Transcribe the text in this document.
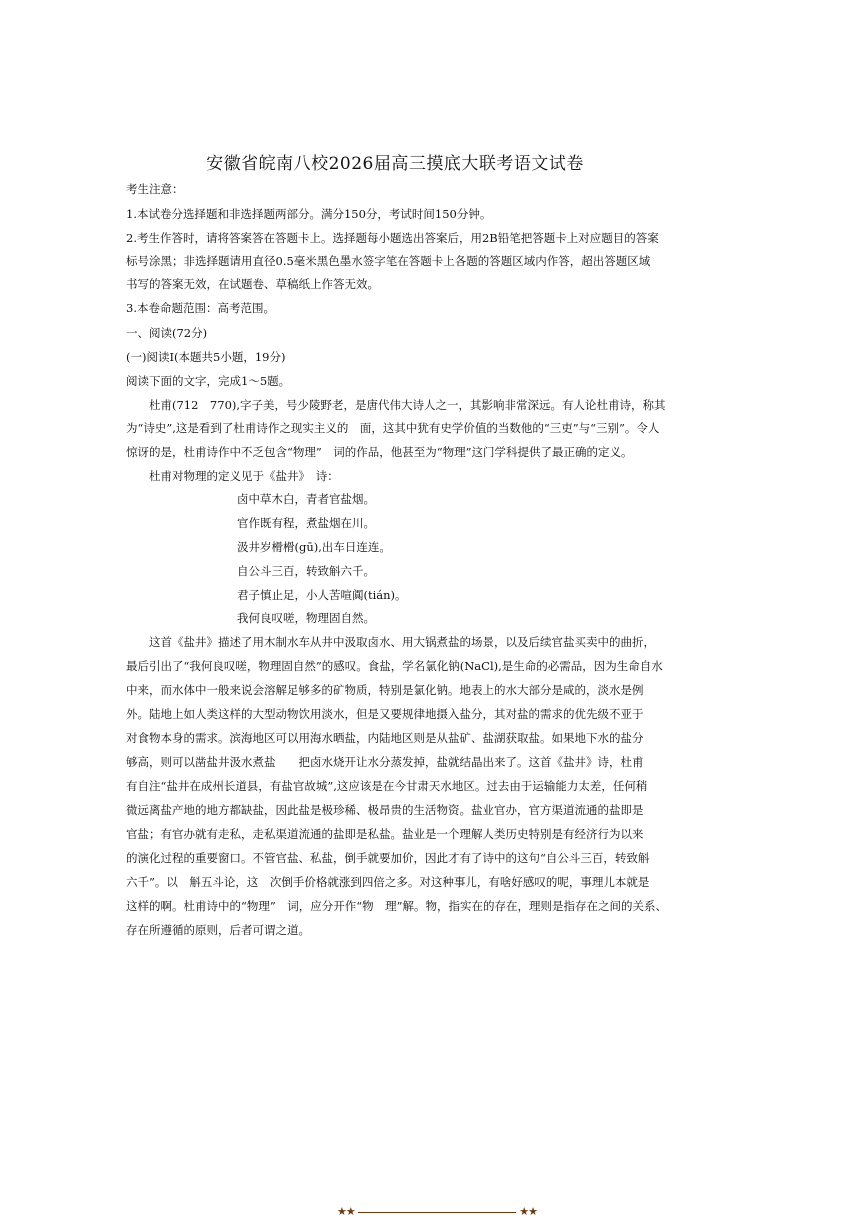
安徽省皖南八校2026届高三摸底大联考语文试卷
考生注意：
1.本试卷分选择题和非选择题两部分。满分150分，考试时间150分钟。
2.考生作答时，请将答案答在答题卡上。选择题每小题选出答案后，用2B铅笔把答题卡上对应题目的答案
标号涂黑；非选择题请用直径0.5毫米黑色墨水签字笔在答题卡上各题的答题区域内作答，超出答题区域
书写的答案无效，在试题卷、草稿纸上作答无效。
3.本卷命题范围：高考范围。
一、阅读(72分)
(一)阅读Ⅰ(本题共5小题，19分)
阅读下面的文字，完成1～5题。
杜甫(712　770),字子美，号少陵野老，是唐代伟大诗人之一，其影响非常深远。有人论杜甫诗，称其
为“诗史”,这是看到了杜甫诗作之现实主义的　面，这其中犹有史学价值的当数他的“三吏”与“三别”。令人
惊讶的是，杜甫诗作中不乏包含“物理”　词的作品，他甚至为“物理”这门学科提供了最正确的定义。
杜甫对物理的定义见于《盐井》　诗：
卤中草木白，青者官盐烟。
官作既有程，煮盐烟在川。
汲井岁榾榾(gū),出车日连连。
自公斗三百，转致斛六千。
君子慎止足，小人苦喧阗(tián)。
我何良叹嗟，物理固自然。
这首《盐井》描述了用木制水车从井中汲取卤水、用大锅煮盐的场景，以及后续官盐买卖中的曲折，
最后引出了“我何良叹嗟，物理固自然”的感叹。食盐，学名氯化钠(NaCl),是生命的必需品，因为生命自水
中来，而水体中一般来说会溶解足够多的矿物质，特别是氯化钠。地表上的水大部分是咸的，淡水是例
外。陆地上如人类这样的大型动物饮用淡水，但是又要规律地摄入盐分，其对盐的需求的优先级不亚于
对食物本身的需求。滨海地区可以用海水晒盐，内陆地区则是从盐矿、盐湖获取盐。如果地下水的盐分
够高，则可以凿盐井汲水煮盐　　把卤水烧开让水分蒸发掉，盐就结晶出来了。这首《盐井》诗，杜甫
有自注“盐井在成州长道县，有盐官故城”,这应该是在今甘肃天水地区。过去由于运输能力太差，任何稍
微远离盐产地的地方都缺盐，因此盐是极珍稀、极昂贵的生活物资。盐业官办，官方渠道流通的盐即是
官盐；有官办就有走私，走私渠道流通的盐即是私盐。盐业是一个理解人类历史特别是有经济行为以来
的演化过程的重要窗口。不管官盐、私盐，倒手就要加价，因此才有了诗中的这句“自公斗三百，转致斛
六千”。以　斛五斗论，这　次倒手价格就涨到四倍之多。对这种事儿，有啥好感叹的呢，事理儿本就是
这样的啊。杜甫诗中的“物理”　词，应分开作“物　理”解。物，指实在的存在，理则是指存在之间的关系、
存在所遵循的原则，后者可谓之道。
★★	★★
